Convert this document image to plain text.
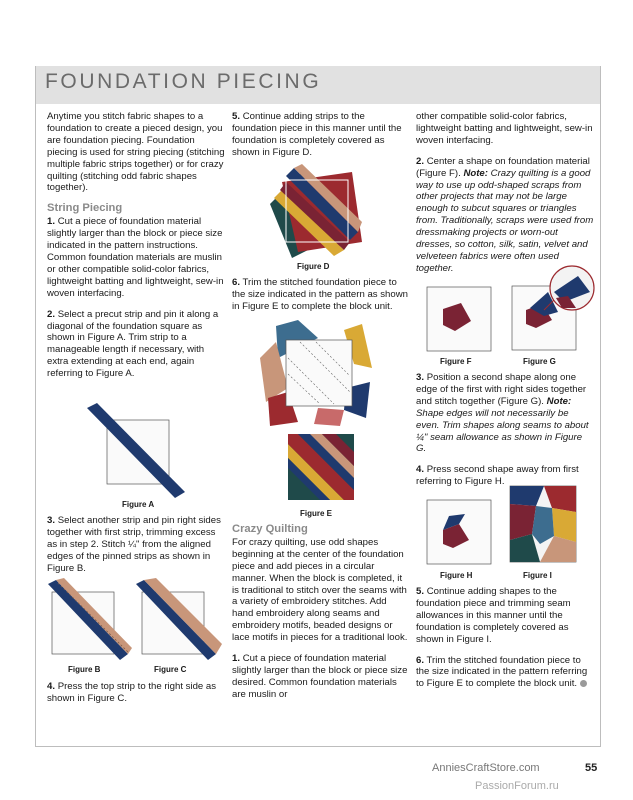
FOUNDATION PIECING

Anytime you stitch fabric shapes to a foundation to create a pieced design, you are foundation piecing. Foundation piecing is used for string piecing (stitching multiple fabric strips together) or for crazy quilting (stitching odd fabric shapes together).

String Piecing

1. Cut a piece of foundation material slightly larger than the block or piece size indicated in the pattern instructions. Common foundation materials are muslin or other compatible solid-color fabrics, lightweight batting and lightweight, sew-in woven interfacing.

2. Select a precut strip and pin it along a diagonal of the foundation square as shown in Figure A. Trim strip to a manageable length if necessary, with extra extending at each end, again referring to Figure A.

Figure A

3. Select another strip and pin right sides together with first strip, trimming excess as in step 2. Stitch ¼" from the aligned edges of the pinned strips as shown in Figure B.

Figure B	Figure C

4. Press the top strip to the right side as shown in Figure C.

5. Continue adding strips to the foundation piece in this manner until the foundation is completely covered as shown in Figure D.

Figure D

6. Trim the stitched foundation piece to the size indicated in the pattern as shown in Figure E to complete the block unit.

Figure E
Crazy Quilting

For crazy quilting, use odd shapes beginning at the center of the foundation piece and add pieces in a circular manner. When the block is completed, it is traditional to stitch over the seams with a variety of embroidery stitches. Add hand embroidery along seams and embroidery motifs, beaded designs or lace motifs in pieces for a traditional look.

1. Cut a piece of foundation material slightly larger than the block or piece size desired. Common foundation materials are muslin or

other compatible solid-color fabrics, lightweight batting and lightweight, sew-in woven interfacing.

2. Center a shape on foundation material (Figure F). Note: Crazy quilting is a good way to use up odd-shaped scraps from other projects that may not be large enough to subcut squares or triangles from. Traditionally, scraps were used from dressmaking projects or worn-out dresses, so cotton, silk, satin, velvet and velveteen fabrics were often used together.

Figure F	Figure G

3. Position a second shape along one edge of the first with right sides together and stitch together (Figure G). Note: Shape edges will not necessarily be even. Trim shapes along seams to about ¼" seam allowance as shown in Figure G.

4. Press second shape away from first referring to Figure H.

Figure H	Figure I

5. Continue adding shapes to the foundation piece and trimming seam allowances in this manner until the foundation is completely covered as shown in Figure I.

6. Trim the stitched foundation piece to the size indicated in the pattern referring to Figure E to complete the block unit.

AnniesCraftStore.com	55
PassionForum.ru
